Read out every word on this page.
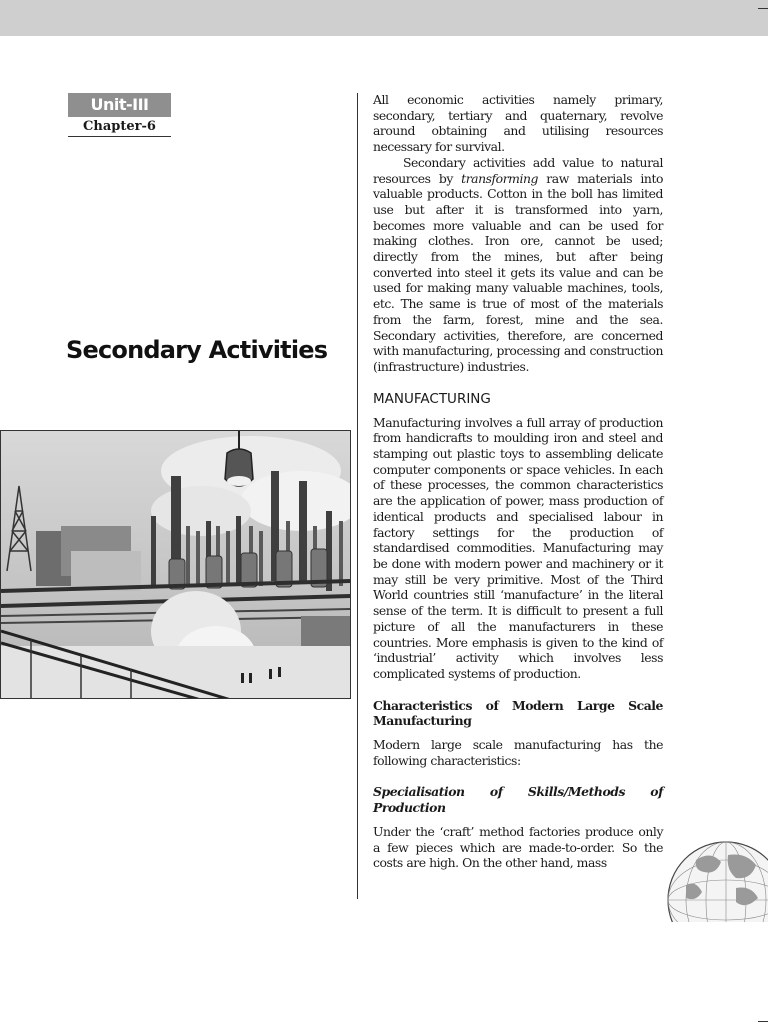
Unit-III
Chapter-6
Secondary Activities

All economic activities namely primary, secondary, tertiary and quaternary, revolve around obtaining and utilising resources necessary for survival.

Secondary activities add value to natural resources by transforming raw materials into valuable products. Cotton in the boll has limited use but after it is transformed into yarn, becomes more valuable and can be used for making clothes. Iron ore, cannot be used; directly from the mines, but after being converted into steel it gets its value and can be used for making many valuable machines, tools, etc. The same is true of most of the materials from the farm, forest, mine and the sea. Secondary activities, therefore, are concerned with manufacturing, processing and construction (infrastructure) industries.

MANUFACTURING

Manufacturing involves a full array of production from handicrafts to moulding iron and steel and stamping out plastic toys to assembling delicate computer components or space vehicles. In each of these processes, the common characteristics are the application of power, mass production of identical products and specialised labour in factory settings for the production of standardised commodities. Manufacturing may be done with modern power and machinery or it may still be very primitive. Most of the Third World countries still ‘manufacture’ in the literal sense of the term. It is difficult to present a full picture of all the manufacturers in these countries. More emphasis is given to the kind of ‘industrial’ activity which involves less complicated systems of production.

Characteristics of Modern Large Scale Manufacturing

Modern large scale manufacturing has the following characteristics:

Specialisation of Skills/Methods of Production

Under the ‘craft’ method factories produce only a few pieces which are made-to-order. So the costs are high. On the other hand, mass
